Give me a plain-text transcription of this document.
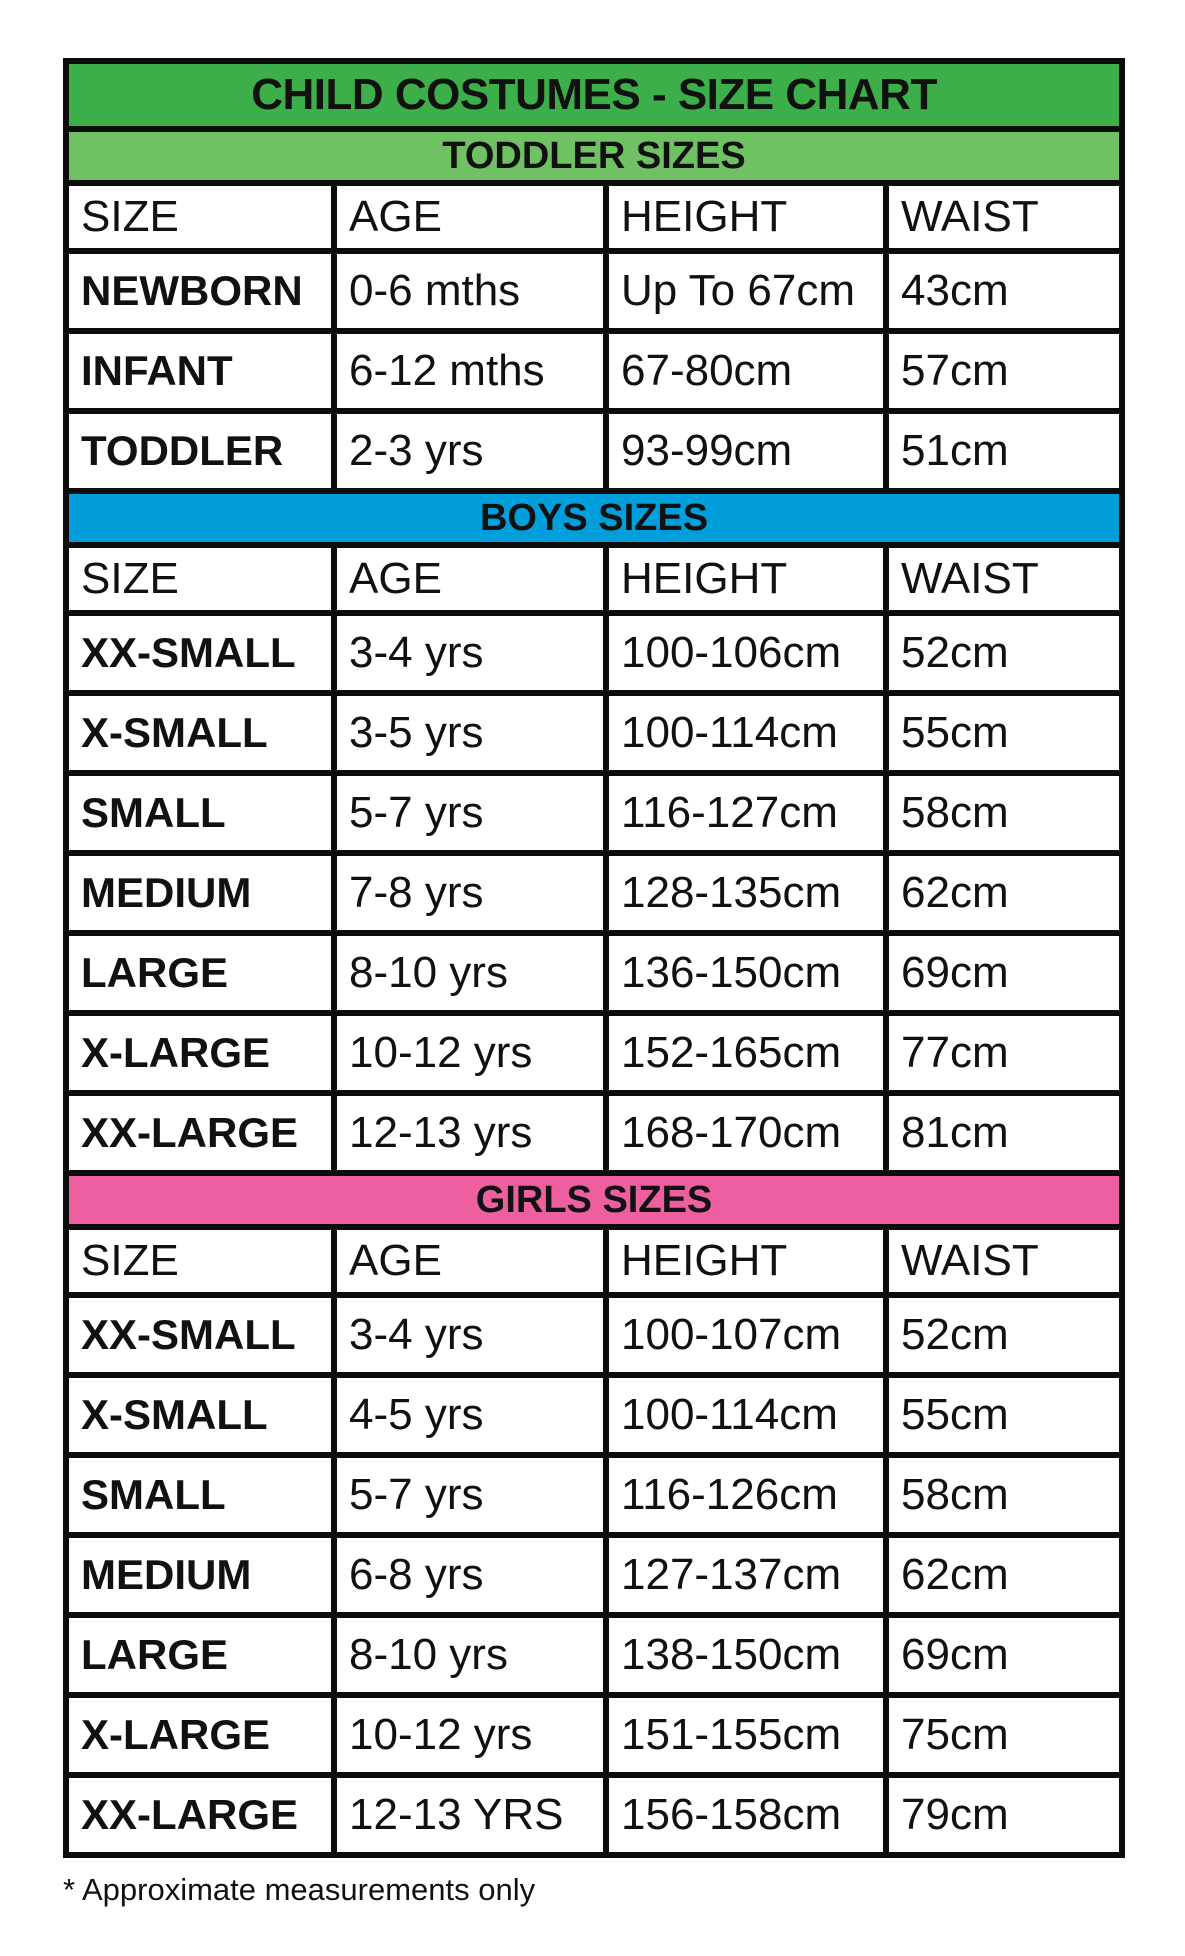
CHILD COSTUMES - SIZE CHART			
TODDLER SIZES			
SIZE	AGE	HEIGHT	WAIST
NEWBORN	0-6 mths	Up To 67cm	43cm
INFANT	6-12 mths	67-80cm	57cm
TODDLER	2-3 yrs	93-99cm	51cm
BOYS SIZES			
SIZE	AGE	HEIGHT	WAIST
XX-SMALL	3-4 yrs	100-106cm	52cm
X-SMALL	3-5 yrs	100-114cm	55cm
SMALL	5-7 yrs	116-127cm	58cm
MEDIUM	7-8 yrs	128-135cm	62cm
LARGE	8-10 yrs	136-150cm	69cm
X-LARGE	10-12 yrs	152-165cm	77cm
XX-LARGE	12-13 yrs	168-170cm	81cm
GIRLS SIZES			
SIZE	AGE	HEIGHT	WAIST
XX-SMALL	3-4 yrs	100-107cm	52cm
X-SMALL	4-5 yrs	100-114cm	55cm
SMALL	5-7 yrs	116-126cm	58cm
MEDIUM	6-8 yrs	127-137cm	62cm
LARGE	8-10 yrs	138-150cm	69cm
X-LARGE	10-12 yrs	151-155cm	75cm
XX-LARGE	12-13 YRS	156-158cm	79cm
* Approximate measurements only
